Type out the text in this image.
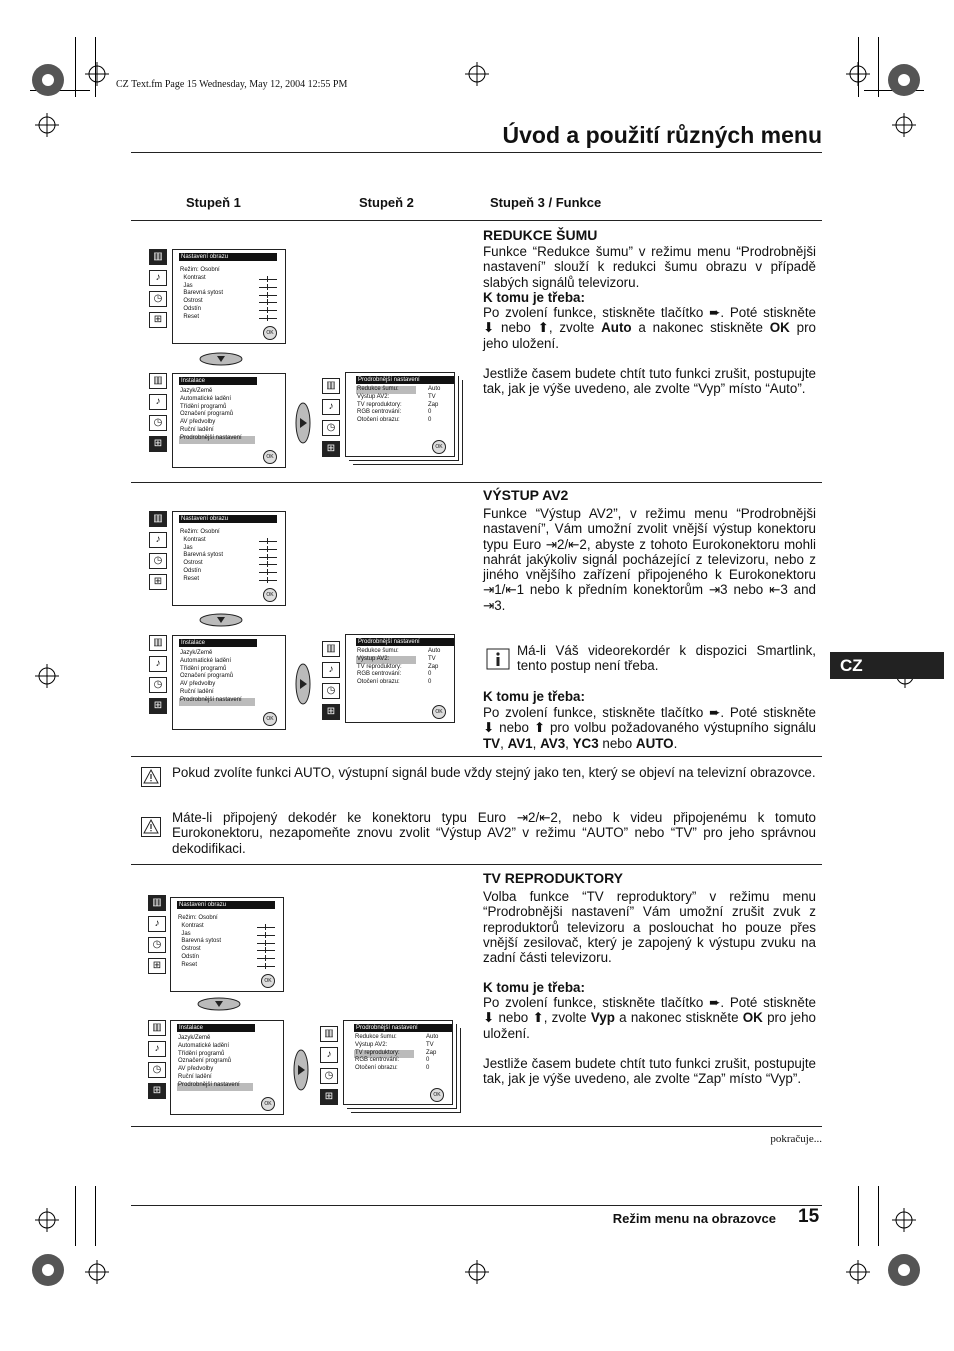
CZ Text.fm Page 15 Wednesday, May 12, 2004 12:55 PM
Úvod a použití různých menu
Stupeň 1	Stupeň 2	Stupeň 3 / Funkce
▥
♪
◷
⊞
Nastavení obrazu
Režim: Osobní
Kontrast
Jas
Barevná sytost
Ostrost
Odstín
Reset
OK
▥
♪
◷
⊞
Instalace
Jazyk/Země
Automatické ladění
Třídění programů
Označení programů
AV předvolby
Ruční ladění
Prodrobnější nastavení
OK
▥
♪
◷
⊞
Prodrobnější nastavení
Redukce šumu:
Výstup AV2:
TV reproduktory:
RGB centrování:
Otočení obrazu:
Auto
TV
Zap
0
0
OK
REDUKCE ŠUMU
Funkce “Redukce šumu” v režimu menu “Prodrobnějši nastavení” slouží k redukci šumu obrazu v případě slabých signálů televizoru.
K tomu je třeba:
Po zvolení funkce, stiskněte tlačítko ➨. Poté stiskněte ⬇ nebo ⬆, zvolte Auto a nakonec stiskněte OK pro jeho uložení.
Jestliže časem budete chtít tuto funkci zrušit, postupujte tak, jak je výše uvedeno, ale zvolte “Vyp” místo “Auto”.
▥
♪
◷
⊞
Nastavení obrazu
Režim: Osobní
Kontrast
Jas
Barevná sytost
Ostrost
Odstín
Reset
OK
▥
♪
◷
⊞
Instalace
Jazyk/Země
Automatické ladění
Třídění programů
Označení programů
AV předvolby
Ruční ladění
Prodrobnější nastavení
OK
▥
♪
◷
⊞
Prodrobnější nastavení
Redukce šumu:
Výstup AV2:
TV reproduktory:
RGB centrování:
Otočení obrazu:
Auto
TV
Zap
0
0
OK
VÝSTUP AV2
Funkce “Výstup AV2”, v režimu menu “Prodrobnějši nastavení”, Vám umožní zvolit vnější výstup konektoru typu Euro ⇥2/⇤2, abyste z tohoto Eurokonektoru mohli nahrát jakýkoliv signál pocházející z televizoru, nebo z jiného vnějšího zařízení připojeného k Eurokonektoru ⇥1/⇤1 nebo k předním konektorům ⇥3 nebo ⇤3 and ⇥3.
Má-li Váš videorekordér k dispozici Smartlink, tento postup není třeba.
K tomu je třeba:
Po zvolení funkce, stiskněte tlačítko ➨. Poté stiskněte ⬇ nebo ⬆ pro volbu požadovaného výstupního signálu TV, AV1, AV3, YC3 nebo AUTO.
Pokud zvolíte funkci AUTO, výstupní signál bude vždy stejný jako ten, který se objeví na televizní obrazovce.
Máte-li připojený dekodér ke konektoru typu Euro ⇥2/⇤2, nebo k videu připojenému k tomuto Eurokonektoru, nezapomeňte znovu zvolit “Výstup AV2” v režimu “AUTO” nebo “TV” pro jeho správnou dekodifikaci.
▥
♪
◷
⊞
Nastavení obrazu
Režim: Osobní
Kontrast
Jas
Barevná sytost
Ostrost
Odstín
Reset
OK
▥
♪
◷
⊞
Instalace
Jazyk/Země
Automatické ladění
Třídění programů
Označení programů
AV předvolby
Ruční ladění
Prodrobnější nastavení
OK
▥
♪
◷
⊞
Prodrobnější nastavení
Redukce šumu:
Výstup AV2:
TV reproduktory:
RGB centrování:
Otočení obrazu:
Auto
TV
Zap
0
0
OK
TV REPRODUKTORY
Volba funkce “TV reproduktory” v režimu menu “Prodrobnějši nastavení” Vám umožní zrušit zvuk z reproduktorů televizoru a poslouchat ho pouze přes vnější zesilovač, který je zapojený k výstupu zvuku na zadní části televizoru.
K tomu je třeba:
Po zvolení funkce, stiskněte tlačítko ➨. Poté stiskněte ⬇ nebo ⬆, zvolte Vyp a nakonec stiskněte OK pro jeho uložení.
Jestliže časem budete chtít tuto funkci zrušit, postupujte tak, jak je výše uvedeno, ale zvolte “Zap” místo “Vyp”.
pokračuje...
CZ
Režim menu na obrazovce 15
